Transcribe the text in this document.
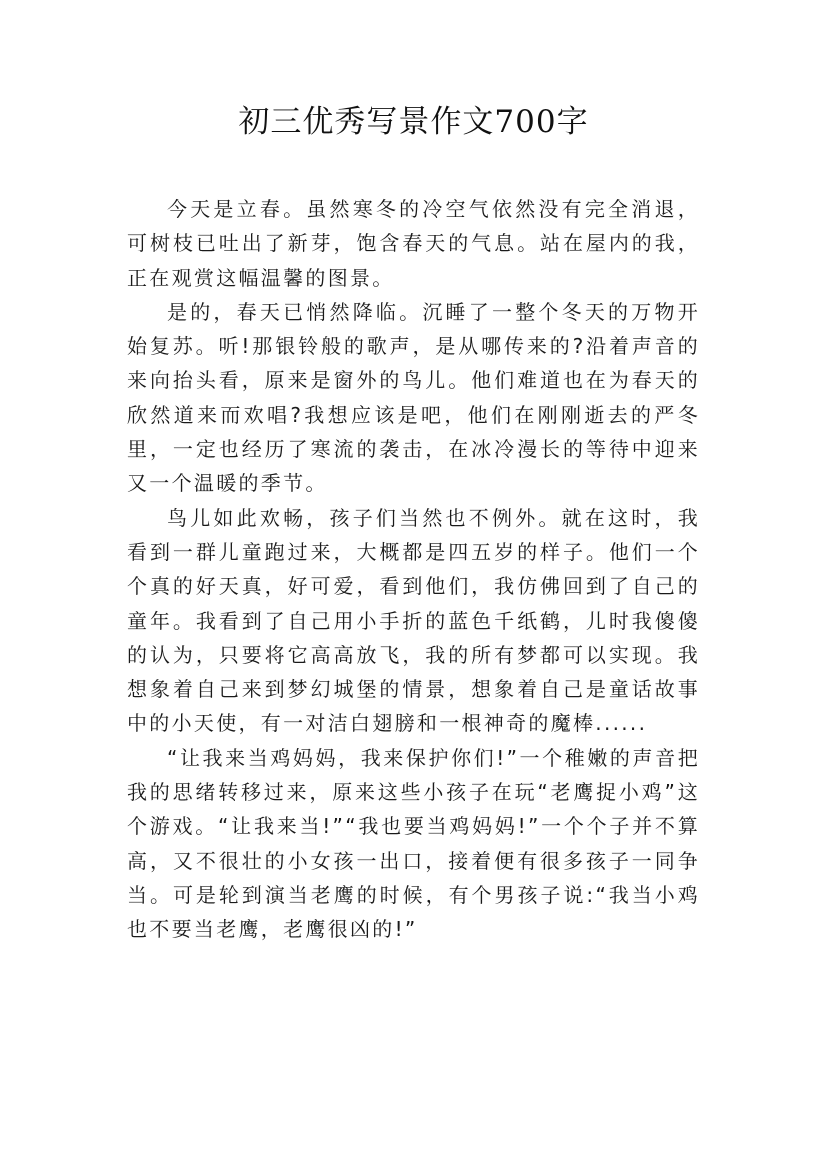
初三优秀写景作文700字

今天是立春。虽然寒冬的冷空气依然没有完全消退，可树枝已吐出了新芽，饱含春天的气息。站在屋内的我，正在观赏这幅温馨的图景。

是的，春天已悄然降临。沉睡了一整个冬天的万物开始复苏。听!那银铃般的歌声，是从哪传来的?沿着声音的来向抬头看，原来是窗外的鸟儿。他们难道也在为春天的欣然道来而欢唱?我想应该是吧，他们在刚刚逝去的严冬里，一定也经历了寒流的袭击，在冰冷漫长的等待中迎来又一个温暖的季节。

鸟儿如此欢畅，孩子们当然也不例外。就在这时，我看到一群儿童跑过来，大概都是四五岁的样子。他们一个个真的好天真，好可爱，看到他们，我仿佛回到了自己的童年。我看到了自己用小手折的蓝色千纸鹤，儿时我傻傻的认为，只要将它高高放飞，我的所有梦都可以实现。我想象着自己来到梦幻城堡的情景，想象着自己是童话故事中的小天使，有一对洁白翅膀和一根神奇的魔棒......

“让我来当鸡妈妈，我来保护你们!”一个稚嫩的声音把我的思绪转移过来，原来这些小孩子在玩“老鹰捉小鸡”这个游戏。“让我来当!”“我也要当鸡妈妈!”一个个子并不算高，又不很壮的小女孩一出口，接着便有很多孩子一同争当。可是轮到演当老鹰的时候，有个男孩子说:“我当小鸡也不要当老鹰，老鹰很凶的!”
